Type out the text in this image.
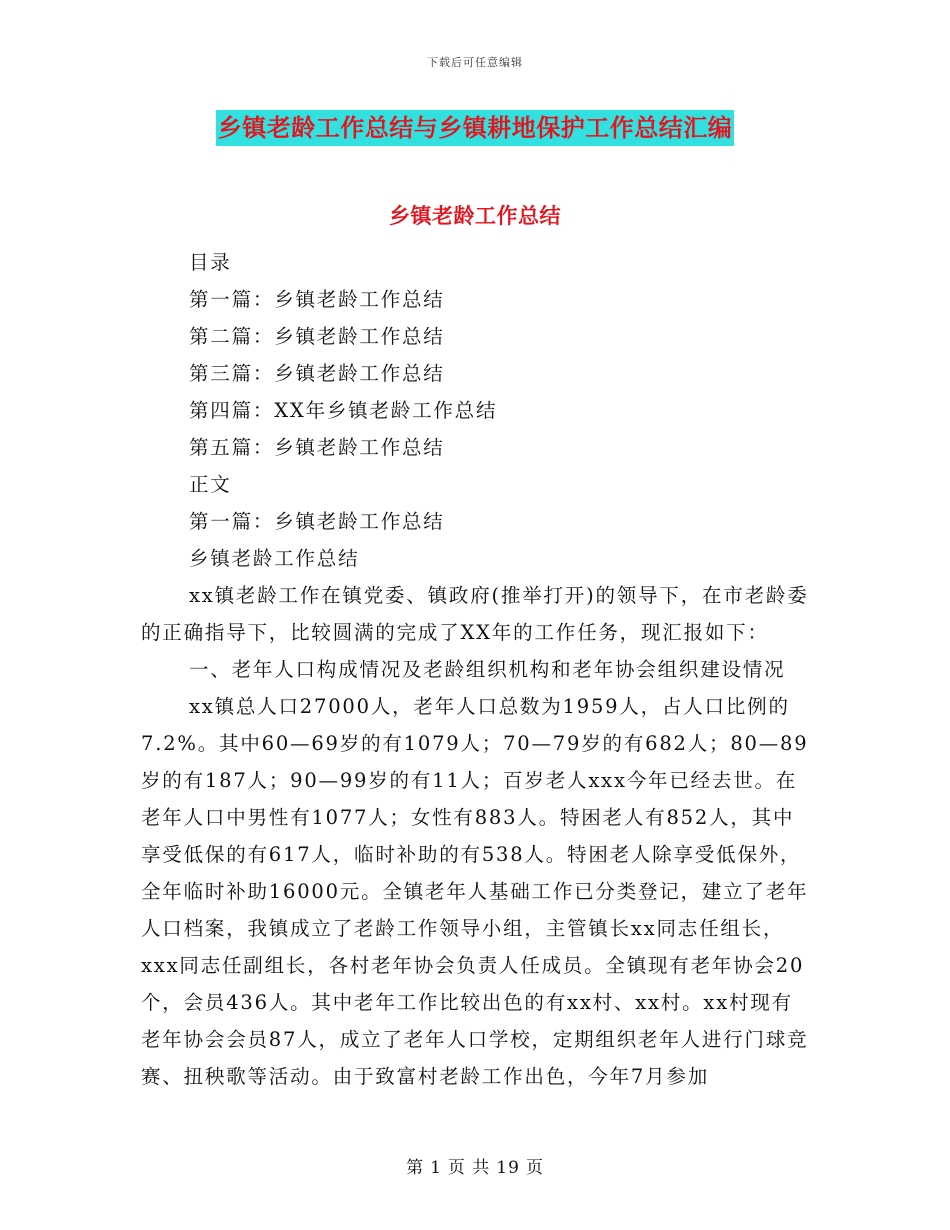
下载后可任意编辑
乡镇老龄工作总结与乡镇耕地保护工作总结汇编
乡镇老龄工作总结

目录

第一篇：乡镇老龄工作总结

第二篇：乡镇老龄工作总结

第三篇：乡镇老龄工作总结

第四篇：XX年乡镇老龄工作总结

第五篇：乡镇老龄工作总结

正文

第一篇：乡镇老龄工作总结

乡镇老龄工作总结

xx镇老龄工作在镇党委、镇政府(推举打开)的领导下，在市老龄委的正确指导下，比较圆满的完成了XX年的工作任务，现汇报如下：

一、老年人口构成情况及老龄组织机构和老年协会组织建设情况

xx镇总人口27000人，老年人口总数为1959人，占人口比例的7.2%。其中60—69岁的有1079人；70—79岁的有682人；80—89岁的有187人；90—99岁的有11人；百岁老人xxx今年已经去世。在老年人口中男性有1077人；女性有883人。特困老人有852人，其中享受低保的有617人，临时补助的有538人。特困老人除享受低保外，全年临时补助16000元。全镇老年人基础工作已分类登记，建立了老年人口档案，我镇成立了老龄工作领导小组，主管镇长xx同志任组长，xxx同志任副组长，各村老年协会负责人任成员。全镇现有老年协会20个，会员436人。其中老年工作比较出色的有xx村、xx村。xx村现有老年协会会员87人，成立了老年人口学校，定期组织老年人进行门球竞赛、扭秧歌等活动。由于致富村老龄工作出色，今年7月参加

第 1 页 共 19 页
